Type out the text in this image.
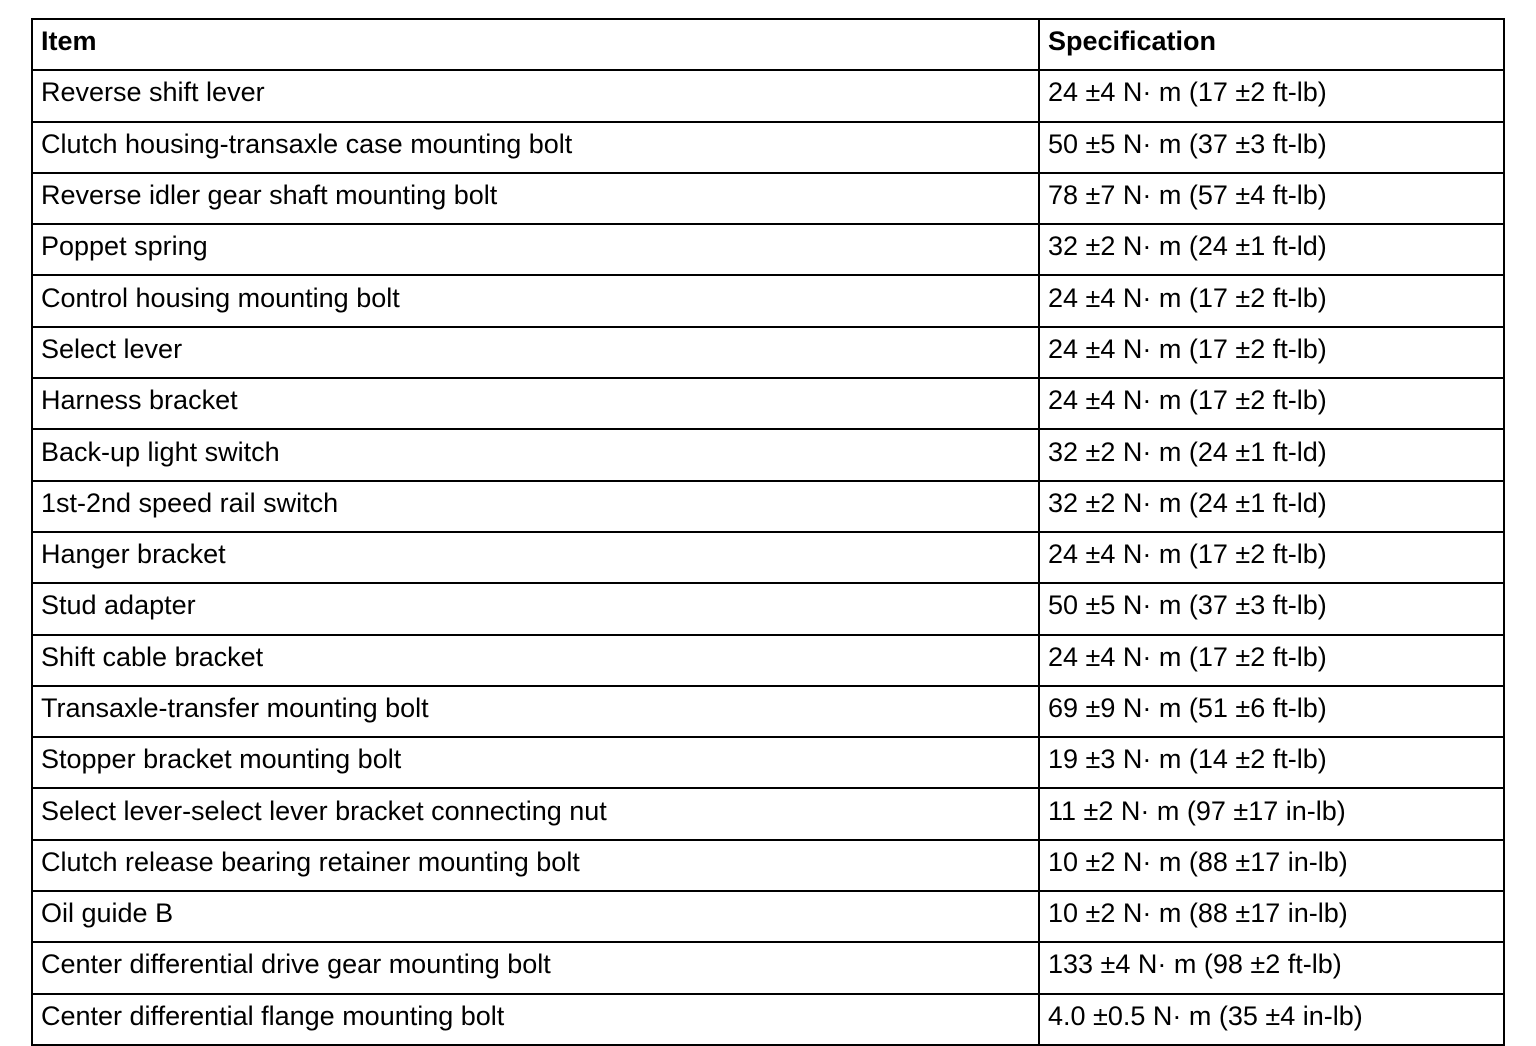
Item	Specification
Reverse shift lever	24 ±4 N· m (17 ±2 ft-lb)
Clutch housing-transaxle case mounting bolt	50 ±5 N· m (37 ±3 ft-lb)
Reverse idler gear shaft mounting bolt	78 ±7 N· m (57 ±4 ft-lb)
Poppet spring	32 ±2 N· m (24 ±1 ft-ld)
Control housing mounting bolt	24 ±4 N· m (17 ±2 ft-lb)
Select lever	24 ±4 N· m (17 ±2 ft-lb)
Harness bracket	24 ±4 N· m (17 ±2 ft-lb)
Back-up light switch	32 ±2 N· m (24 ±1 ft-ld)
1st-2nd speed rail switch	32 ±2 N· m (24 ±1 ft-ld)
Hanger bracket	24 ±4 N· m (17 ±2 ft-lb)
Stud adapter	50 ±5 N· m (37 ±3 ft-lb)
Shift cable bracket	24 ±4 N· m (17 ±2 ft-lb)
Transaxle-transfer mounting bolt	69 ±9 N· m (51 ±6 ft-lb)
Stopper bracket mounting bolt	19 ±3 N· m (14 ±2 ft-lb)
Select lever-select lever bracket connecting nut	11 ±2 N· m (97 ±17 in-lb)
Clutch release bearing retainer mounting bolt	10 ±2 N· m (88 ±17 in-lb)
Oil guide B	10 ±2 N· m (88 ±17 in-lb)
Center differential drive gear mounting bolt	133 ±4 N· m (98 ±2 ft-lb)
Center differential flange mounting bolt	4.0 ±0.5 N· m (35 ±4 in-lb)
